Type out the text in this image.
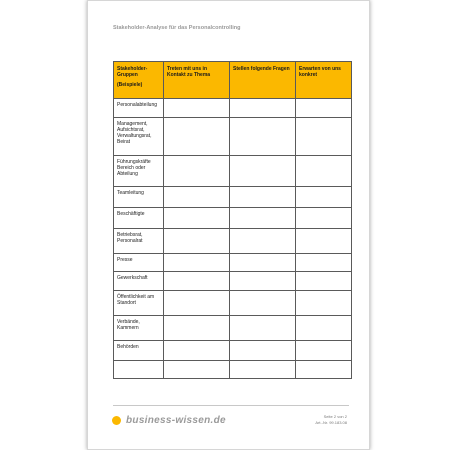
Stakeholder-Analyse für das Personalcontrolling
Stakeholder-Gruppen
(Beispiele)	Treten mit uns in Kontakt zu Thema	Stellen folgende Fragen	Erwarten von uns konkret
Personalabteilung			
Management, Aufsichtsrat, Verwaltungsrat, Beirat			
Führungskräfte Bereich oder Abteilung			
Teamleitung			
Beschäftigte			
Betriebsrat, Personalrat			
Presse			
Gewerkschaft			
Öffentlichkeit am Standort			
Verbände, Kammern			
Behörden			

business-wissen.de	Seite 2 von 2
Art.-Nr. 99.183.08
